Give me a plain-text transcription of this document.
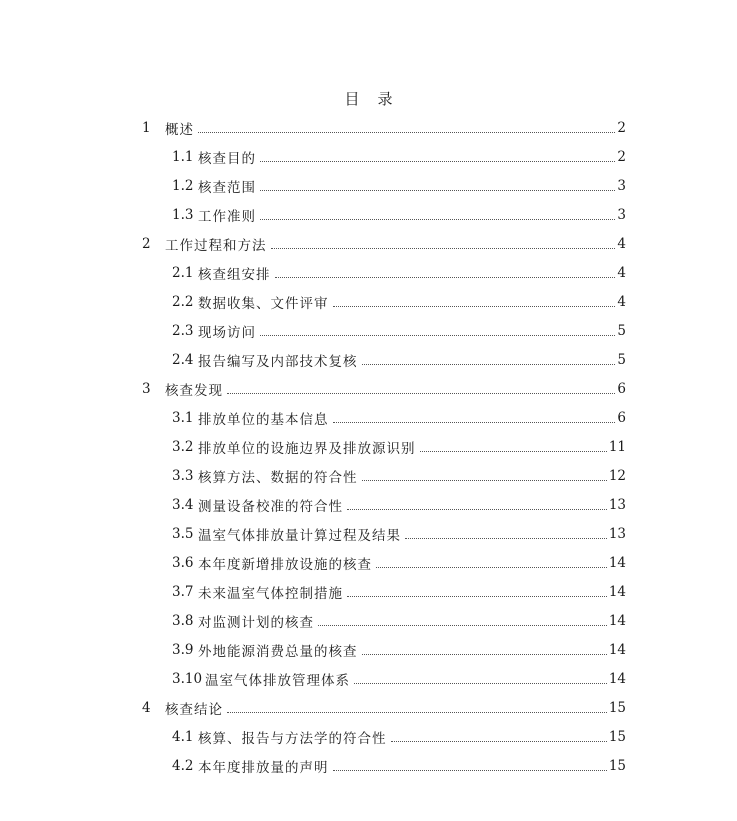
目 录
1 概述	2
1.1 核查目的	2
1.2 核查范围	3
1.3 工作准则	3
2 工作过程和方法	4
2.1 核查组安排	4
2.2 数据收集、文件评审	4
2.3 现场访问	5
2.4 报告编写及内部技术复核	5
3 核查发现	6
3.1 排放单位的基本信息	6
3.2 排放单位的设施边界及排放源识别	11
3.3 核算方法、数据的符合性	12
3.4 测量设备校准的符合性	13
3.5 温室气体排放量计算过程及结果	13
3.6 本年度新增排放设施的核查	14
3.7 未来温室气体控制措施	14
3.8 对监测计划的核查	14
3.9 外地能源消费总量的核查	14
3.10 温室气体排放管理体系	14
4 核查结论	15
4.1 核算、报告与方法学的符合性	15
4.2 本年度排放量的声明	15
